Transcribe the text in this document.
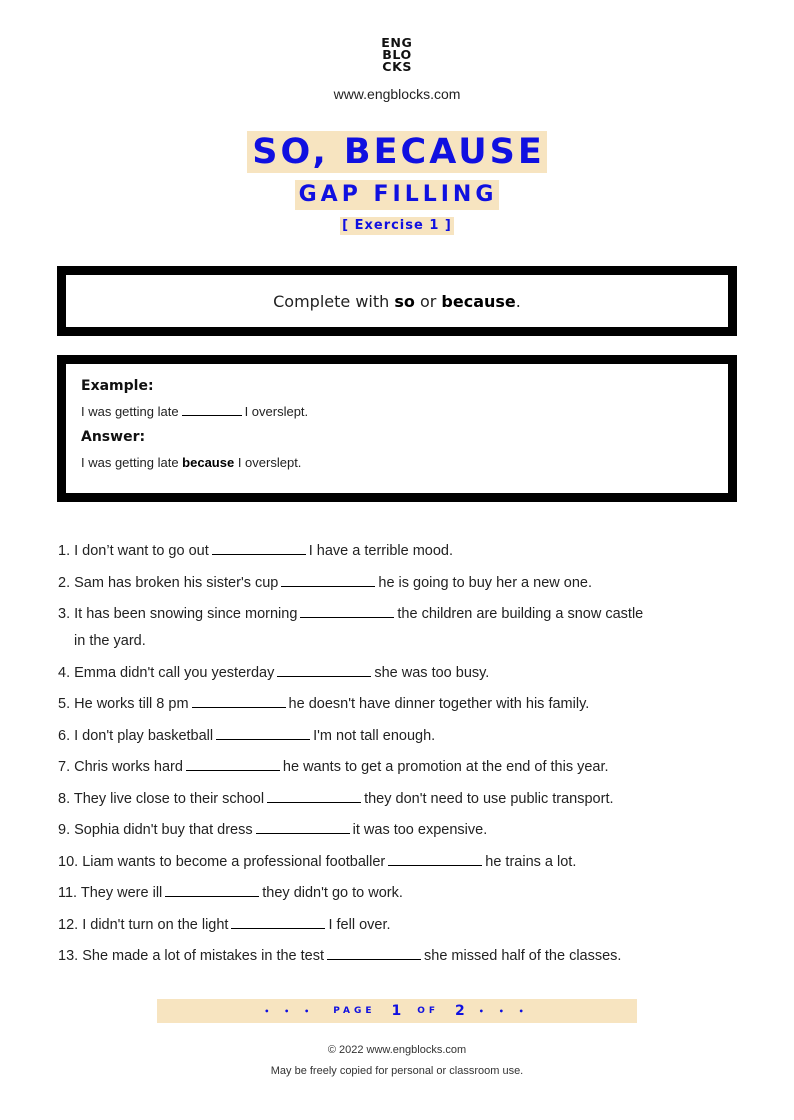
ENG
BLO
CKS
www.engblocks.com
SO, BECAUSE
GAP FILLING
[ Exercise 1 ]
Complete with so or because.
Example:
I was getting late	I overslept.
Answer:
I was getting late because I overslept.
1. I don’t want to go out	I have a terrible mood.
2. Sam has broken his sister's cup	he is going to buy her a new one.
3. It has been snowing since morning	the children are building a snow castle
in the yard.
4. Emma didn't call you yesterday	she was too busy.
5. He works till 8 pm	he doesn't have dinner together with his family.
6. I don't play basketball	I'm not tall enough.
7. Chris works hard	he wants to get a promotion at the end of this year.
8. They live close to their school	they don't need to use public transport.
9. Sophia didn't buy that dress	it was too expensive.
10. Liam wants to become a professional footballer	he trains a lot.
11. They were ill	they didn't go to work.
12. I didn't turn on the light	I fell over.
13. She made a lot of mistakes in the test	she missed half of the classes.
• • • PAGE 1 OF 2 • • •
© 2022 www.engblocks.com
May be freely copied for personal or classroom use.
